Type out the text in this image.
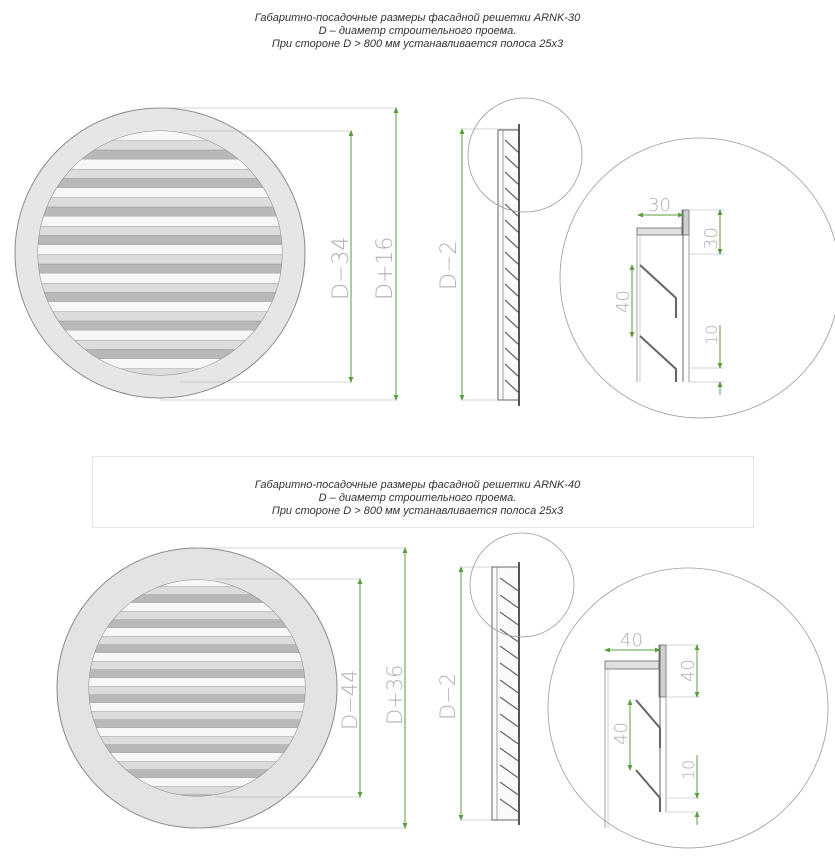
Габаритно-посадочные размеры фасадной решетки ARNK-30
D – диаметр строительного проема.
При стороне D > 800 мм устанавливается полоса 25х3
Габаритно-посадочные размеры фасадной решетки ARNK-40
D – диаметр строительного проема.
При стороне D > 800 мм устанавливается полоса 25х3
D−34 D+16 D−2
30
30
40
10
D−44 D+36 D−2
40
40
40
10
